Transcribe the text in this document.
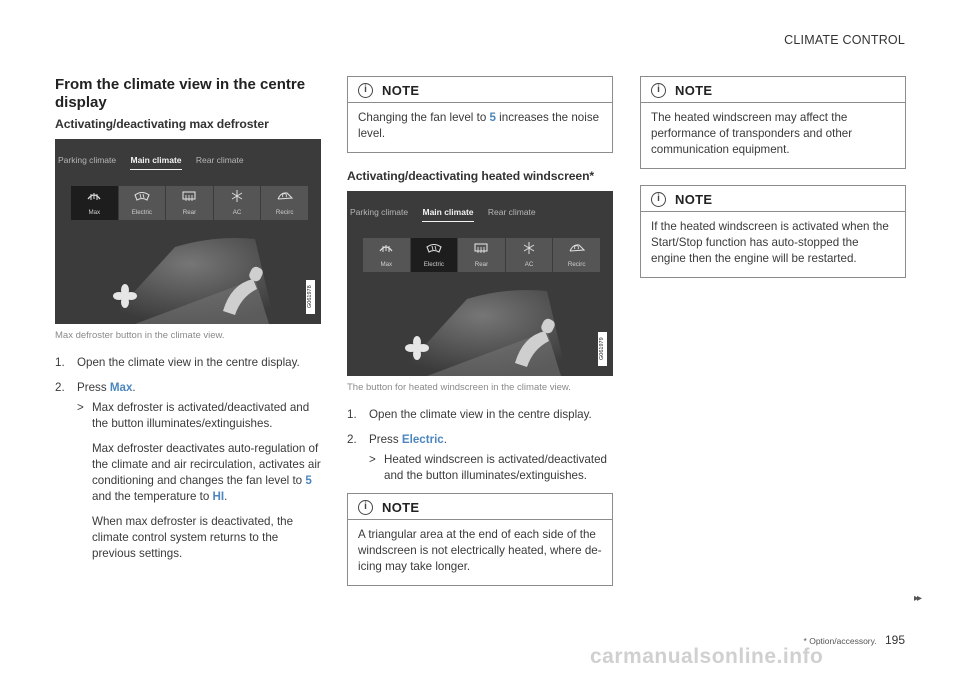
CLIMATE CONTROL
From the climate view in the centre display
Activating/deactivating max defroster
Parking climate Main climate Rear climate
Max	Electric	Rear	AC	Recirc
G061978
Max defroster button in the climate view.
1. Open the climate view in the centre display.
2. Press Max.
> Max defroster is activated/deactivated and the button illuminates/extinguishes.
Max defroster deactivates auto-regulation of the climate and air recirculation, activates air conditioning and changes the fan level to 5 and the temperature to HI.
When max defroster is deactivated, the climate control system returns to the previous settings.
i	NOTE
Changing the fan level to 5 increases the noise level.
Activating/deactivating heated windscreen*
Parking climate Main climate Rear climate
Max	Electric	Rear	AC	Recirc
G061979
The button for heated windscreen in the climate view.
1. Open the climate view in the centre display.
2. Press Electric.
> Heated windscreen is activated/deactivated and the button illuminates/extinguishes.
i	NOTE
A triangular area at the end of each side of the windscreen is not electrically heated, where de-icing may take longer.
i	NOTE
The heated windscreen may affect the performance of transponders and other communication equipment.
i	NOTE
If the heated windscreen is activated when the Start/Stop function has auto-stopped the engine then the engine will be restarted.
▸▸
* Option/accessory. 195
carmanualsonline.info
